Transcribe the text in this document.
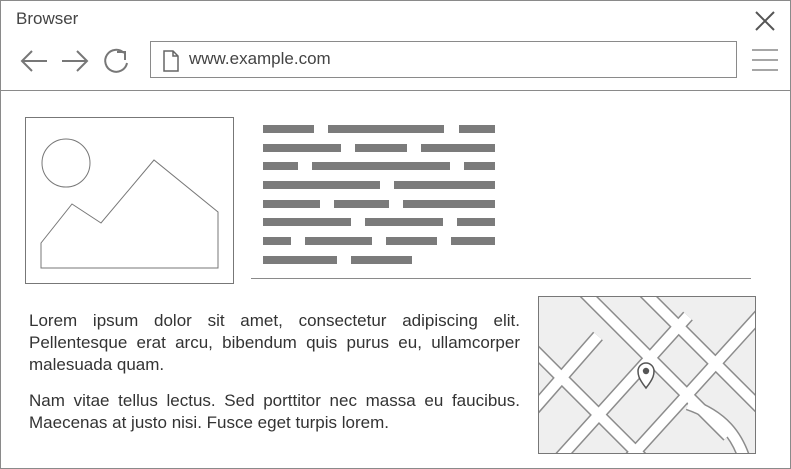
Browser
www.example.com

Lorem ipsum dolor sit amet, consectetur adipiscing elit. Pellentesque erat arcu, bibendum quis purus eu, ullamcorper malesuada quam.

Nam vitae tellus lectus. Sed porttitor nec massa eu faucibus. Maecenas at justo nisi. Fusce eget turpis lorem.
